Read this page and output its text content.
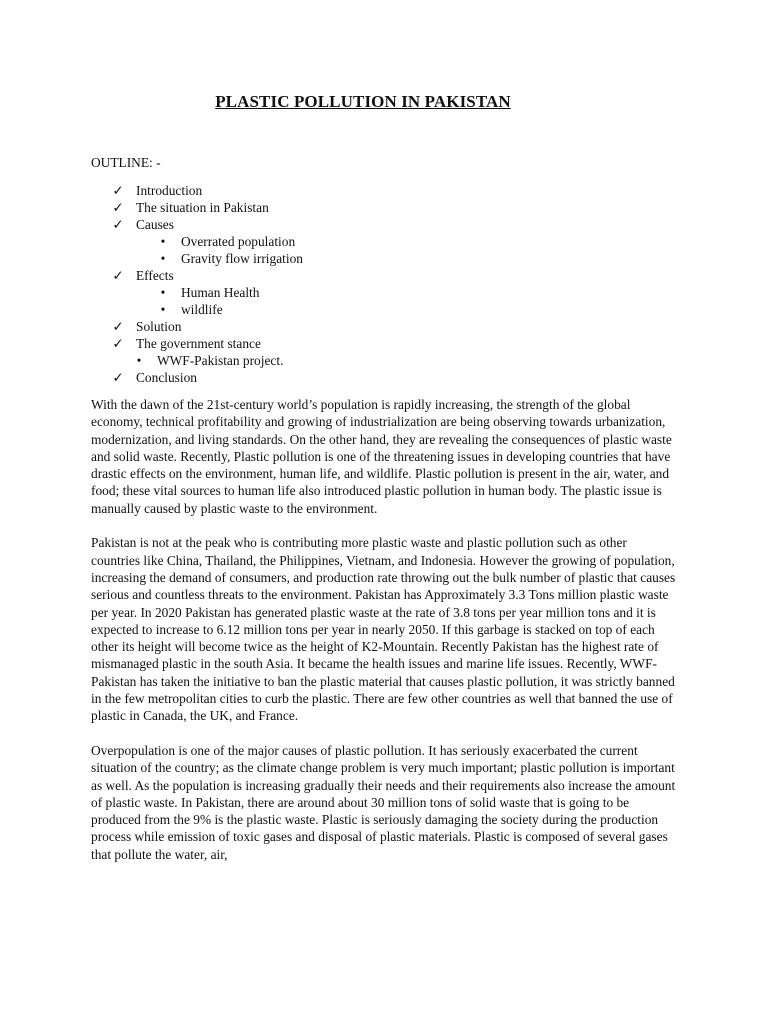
PLASTIC POLLUTION IN PAKISTAN
OUTLINE: -
✓ Introduction
✓ The situation in Pakistan
✓ Causes
•	Overrated population
•	Gravity flow irrigation
✓ Effects
•	Human Health
•	wildlife
✓ Solution
✓ The government stance
•	WWF-Pakistan project.
✓ Conclusion

With the dawn of the 21st-century world’s population is rapidly increasing, the strength of the global economy, technical profitability and growing of industrialization are being observing towards urbanization, modernization, and living standards. On the other hand, they are revealing the consequences of plastic waste and solid waste. Recently, Plastic pollution is one of the threatening issues in developing countries that have drastic effects on the environment, human life, and wildlife. Plastic pollution is present in the air, water, and food; these vital sources to human life also introduced plastic pollution in human body. The plastic issue is manually caused by plastic waste to the environment.

Pakistan is not at the peak who is contributing more plastic waste and plastic pollution such as other countries like China, Thailand, the Philippines, Vietnam, and Indonesia. However the growing of population, increasing the demand of consumers, and production rate throwing out the bulk number of plastic that causes serious and countless threats to the environment. Pakistan has Approximately 3.3 Tons million plastic waste per year. In 2020 Pakistan has generated plastic waste at the rate of 3.8 tons per year million tons and it is expected to increase to 6.12 million tons per year in nearly 2050. If this garbage is stacked on top of each other its height will become twice as the height of K2-Mountain. Recently Pakistan has the highest rate of mismanaged plastic in the south Asia. It became the health issues and marine life issues. Recently, WWF-Pakistan has taken the initiative to ban the plastic material that causes plastic pollution, it was strictly banned in the few metropolitan cities to curb the plastic. There are few other countries as well that banned the use of plastic in Canada, the UK, and France.

Overpopulation is one of the major causes of plastic pollution. It has seriously exacerbated the current situation of the country; as the climate change problem is very much important; plastic pollution is important as well. As the population is increasing gradually their needs and their requirements also increase the amount of plastic waste. In Pakistan, there are around about 30 million tons of solid waste that is going to be produced from the 9% is the plastic waste. Plastic is seriously damaging the society during the production process while emission of toxic gases and disposal of plastic materials. Plastic is composed of several gases that pollute the water, air,
